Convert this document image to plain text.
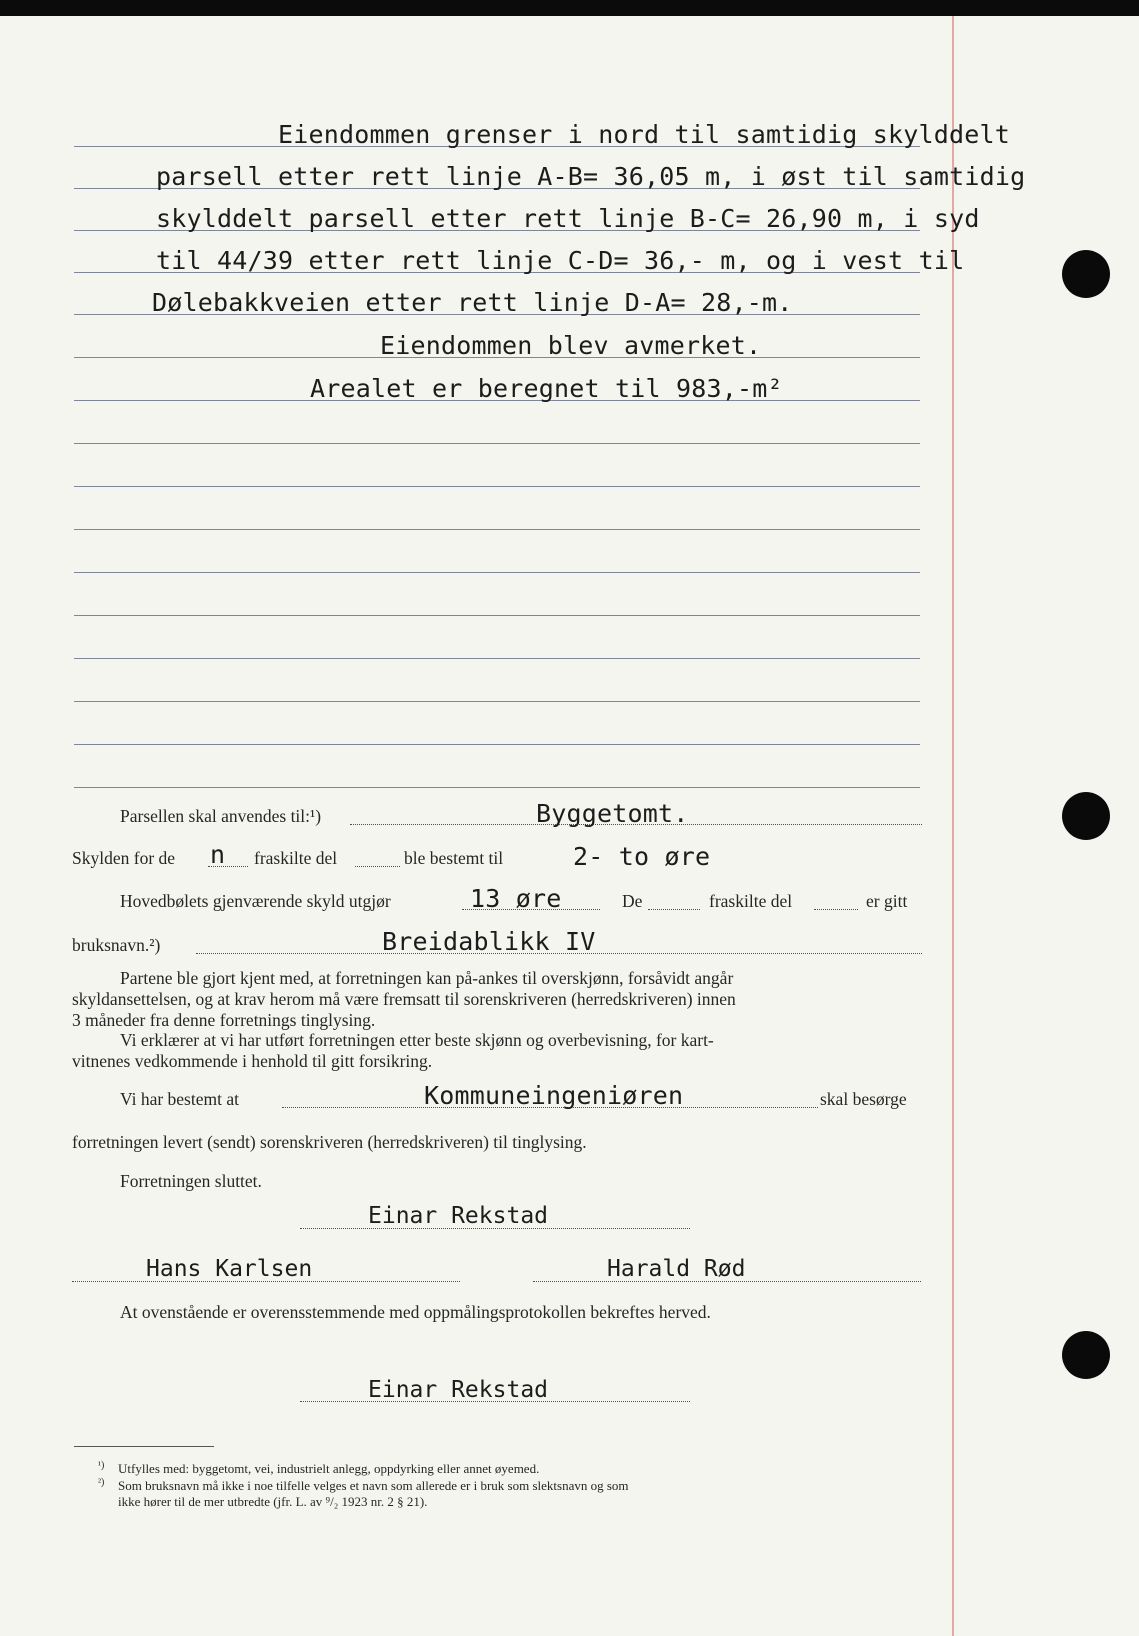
Eiendommen grenser i nord til samtidig skylddelt
parsell etter rett linje A-B= 36,05 m, i øst til samtidig
skylddelt parsell etter rett linje B-C= 26,90 m, i syd
til 44/39 etter rett linje C-D= 36,- m, og i vest til
Dølebakkveien etter rett linje D-A= 28,-m.
Eiendommen blev avmerket.
Arealet er beregnet til 983,-m²
Parsellen skal anvendes til:¹)	Byggetomt.
Skylden for de n fraskilte del	ble bestemt til	2- to øre
Hovedbølets gjenværende skyld utgjør	13 øre	De	fraskilte del	er gitt
bruksnavn.²)	Breidablikk IV
Partene ble gjort kjent med, at forretningen kan på-ankes til overskjønn, forsåvidt angår
skyldansettelsen, og at krav herom må være fremsatt til sorenskriveren (herredskriveren) innen
3 måneder fra denne forretnings tinglysing.
Vi erklærer at vi har utført forretningen etter beste skjønn og overbevisning, for kart-
vitnenes vedkommende i henhold til gitt forsikring.
Vi har bestemt at	Kommuneingeniøren	skal besørge
forretningen levert (sendt) sorenskriveren (herredskriveren) til tinglysing.
Forretningen sluttet.
Einar Rekstad
Hans Karlsen	Harald Rød
At ovenstående er overensstemmende med oppmålingsprotokollen bekreftes herved.
Einar Rekstad
¹) Utfylles med: byggetomt, vei, industrielt anlegg, oppdyrking eller annet øyemed.
²) Som bruksnavn må ikke i noe tilfelle velges et navn som allerede er i bruk som slektsnavn og som
ikke hører til de mer utbredte (jfr. L. av ⁹/₂ 1923 nr. 2 § 21).
